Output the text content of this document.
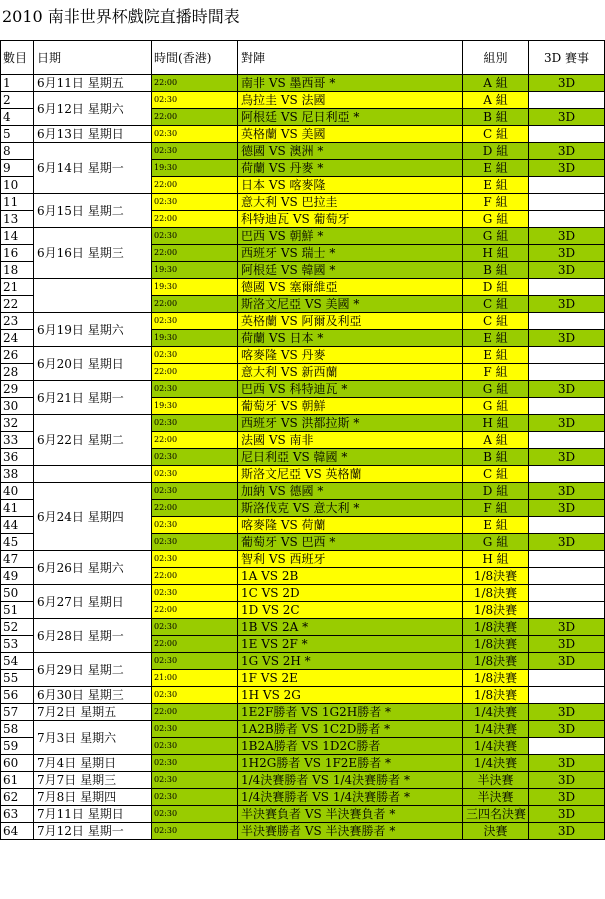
2010 南非世界杯戲院直播時間表
數目	日期	時間(香港)	對陣	組別	3D 賽事
1	6月11日 星期五	22:00	南非 VS 墨西哥 *	A 組	3D
2	6月12日 星期六	02:30	烏拉圭 VS 法國	A 組	
4		22:00	阿根廷 VS 尼日利亞 *	B 組	3D
5	6月13日 星期日	02:30	英格蘭 VS 美國	C 組	
8	6月14日 星期一	02:30	德國 VS 澳洲 *	D 組	3D
9		19:30	荷蘭 VS 丹麥 *	E 組	3D
10		22:00	日本 VS 喀麥隆	E 組	
11	6月15日 星期二	02:30	意大利 VS 巴拉圭	F 組	
13		22:00	科特迪瓦 VS 葡萄牙	G 組	
14	6月16日 星期三	02:30	巴西 VS 朝鮮 *	G 組	3D
16		22:00	西班牙 VS 瑞士 *	H 組	3D
18		19:30	阿根廷 VS 韓國 *	B 組	3D
21		19:30	德國 VS 塞爾維亞	D 組	
22		22:00	斯洛文尼亞 VS 美國 *	C 組	3D
23	6月19日 星期六	02:30	英格蘭 VS 阿爾及利亞	C 組	
24		19:30	荷蘭 VS 日本 *	E 組	3D
26	6月20日 星期日	02:30	喀麥隆 VS 丹麥	E 組	
28		22:00	意大利 VS 新西蘭	F 組	
29	6月21日 星期一	02:30	巴西 VS 科特迪瓦 *	G 組	3D
30		19:30	葡萄牙 VS 朝鮮	G 組	
32	6月22日 星期二	02:30	西班牙 VS 洪都拉斯 *	H 組	3D
33		22:00	法國 VS 南非	A 組	
36		02:30	尼日利亞 VS 韓國 *	B 組	3D
38		02:30	斯洛文尼亞 VS 英格蘭	C 組	
40	6月24日 星期四	02:30	加納 VS 德國 *	D 組	3D
41		22:00	斯洛伐克 VS 意大利 *	F 組	3D
44		02:30	喀麥隆 VS 荷蘭	E 組	
45		02:30	葡萄牙 VS 巴西 *	G 組	3D
47	6月26日 星期六	02:30	智利 VS 西班牙	H 組	
49		22:00	1A VS 2B	1/8決賽	
50	6月27日 星期日	02:30	1C VS 2D	1/8決賽	
51		22:00	1D VS 2C	1/8決賽	
52	6月28日 星期一	02:30	1B VS 2A *	1/8決賽	3D
53		22:00	1E VS 2F *	1/8決賽	3D
54	6月29日 星期二	02:30	1G VS 2H *	1/8決賽	3D
55		21:00	1F VS 2E	1/8決賽	
56	6月30日 星期三	02:30	1H VS 2G	1/8決賽	
57	7月2日 星期五	22:00	1E2F勝者 VS 1G2H勝者 *	1/4決賽	3D
58	7月3日 星期六	02:30	1A2B勝者 VS 1C2D勝者 *	1/4決賽	3D
59		02:30	1B2A勝者 VS 1D2C勝者	1/4決賽	
60	7月4日 星期日	02:30	1H2G勝者 VS 1F2E勝者 *	1/4決賽	3D
61	7月7日 星期三	02:30	1/4決賽勝者 VS 1/4決賽勝者 *	半決賽	3D
62	7月8日 星期四	02:30	1/4決賽勝者 VS 1/4決賽勝者 *	半決賽	3D
63	7月11日 星期日	02:30	半決賽負者 VS 半決賽負者 *	三四名決賽	3D
64	7月12日 星期一	02:30	半決賽勝者 VS 半決賽勝者 *	決賽	3D
